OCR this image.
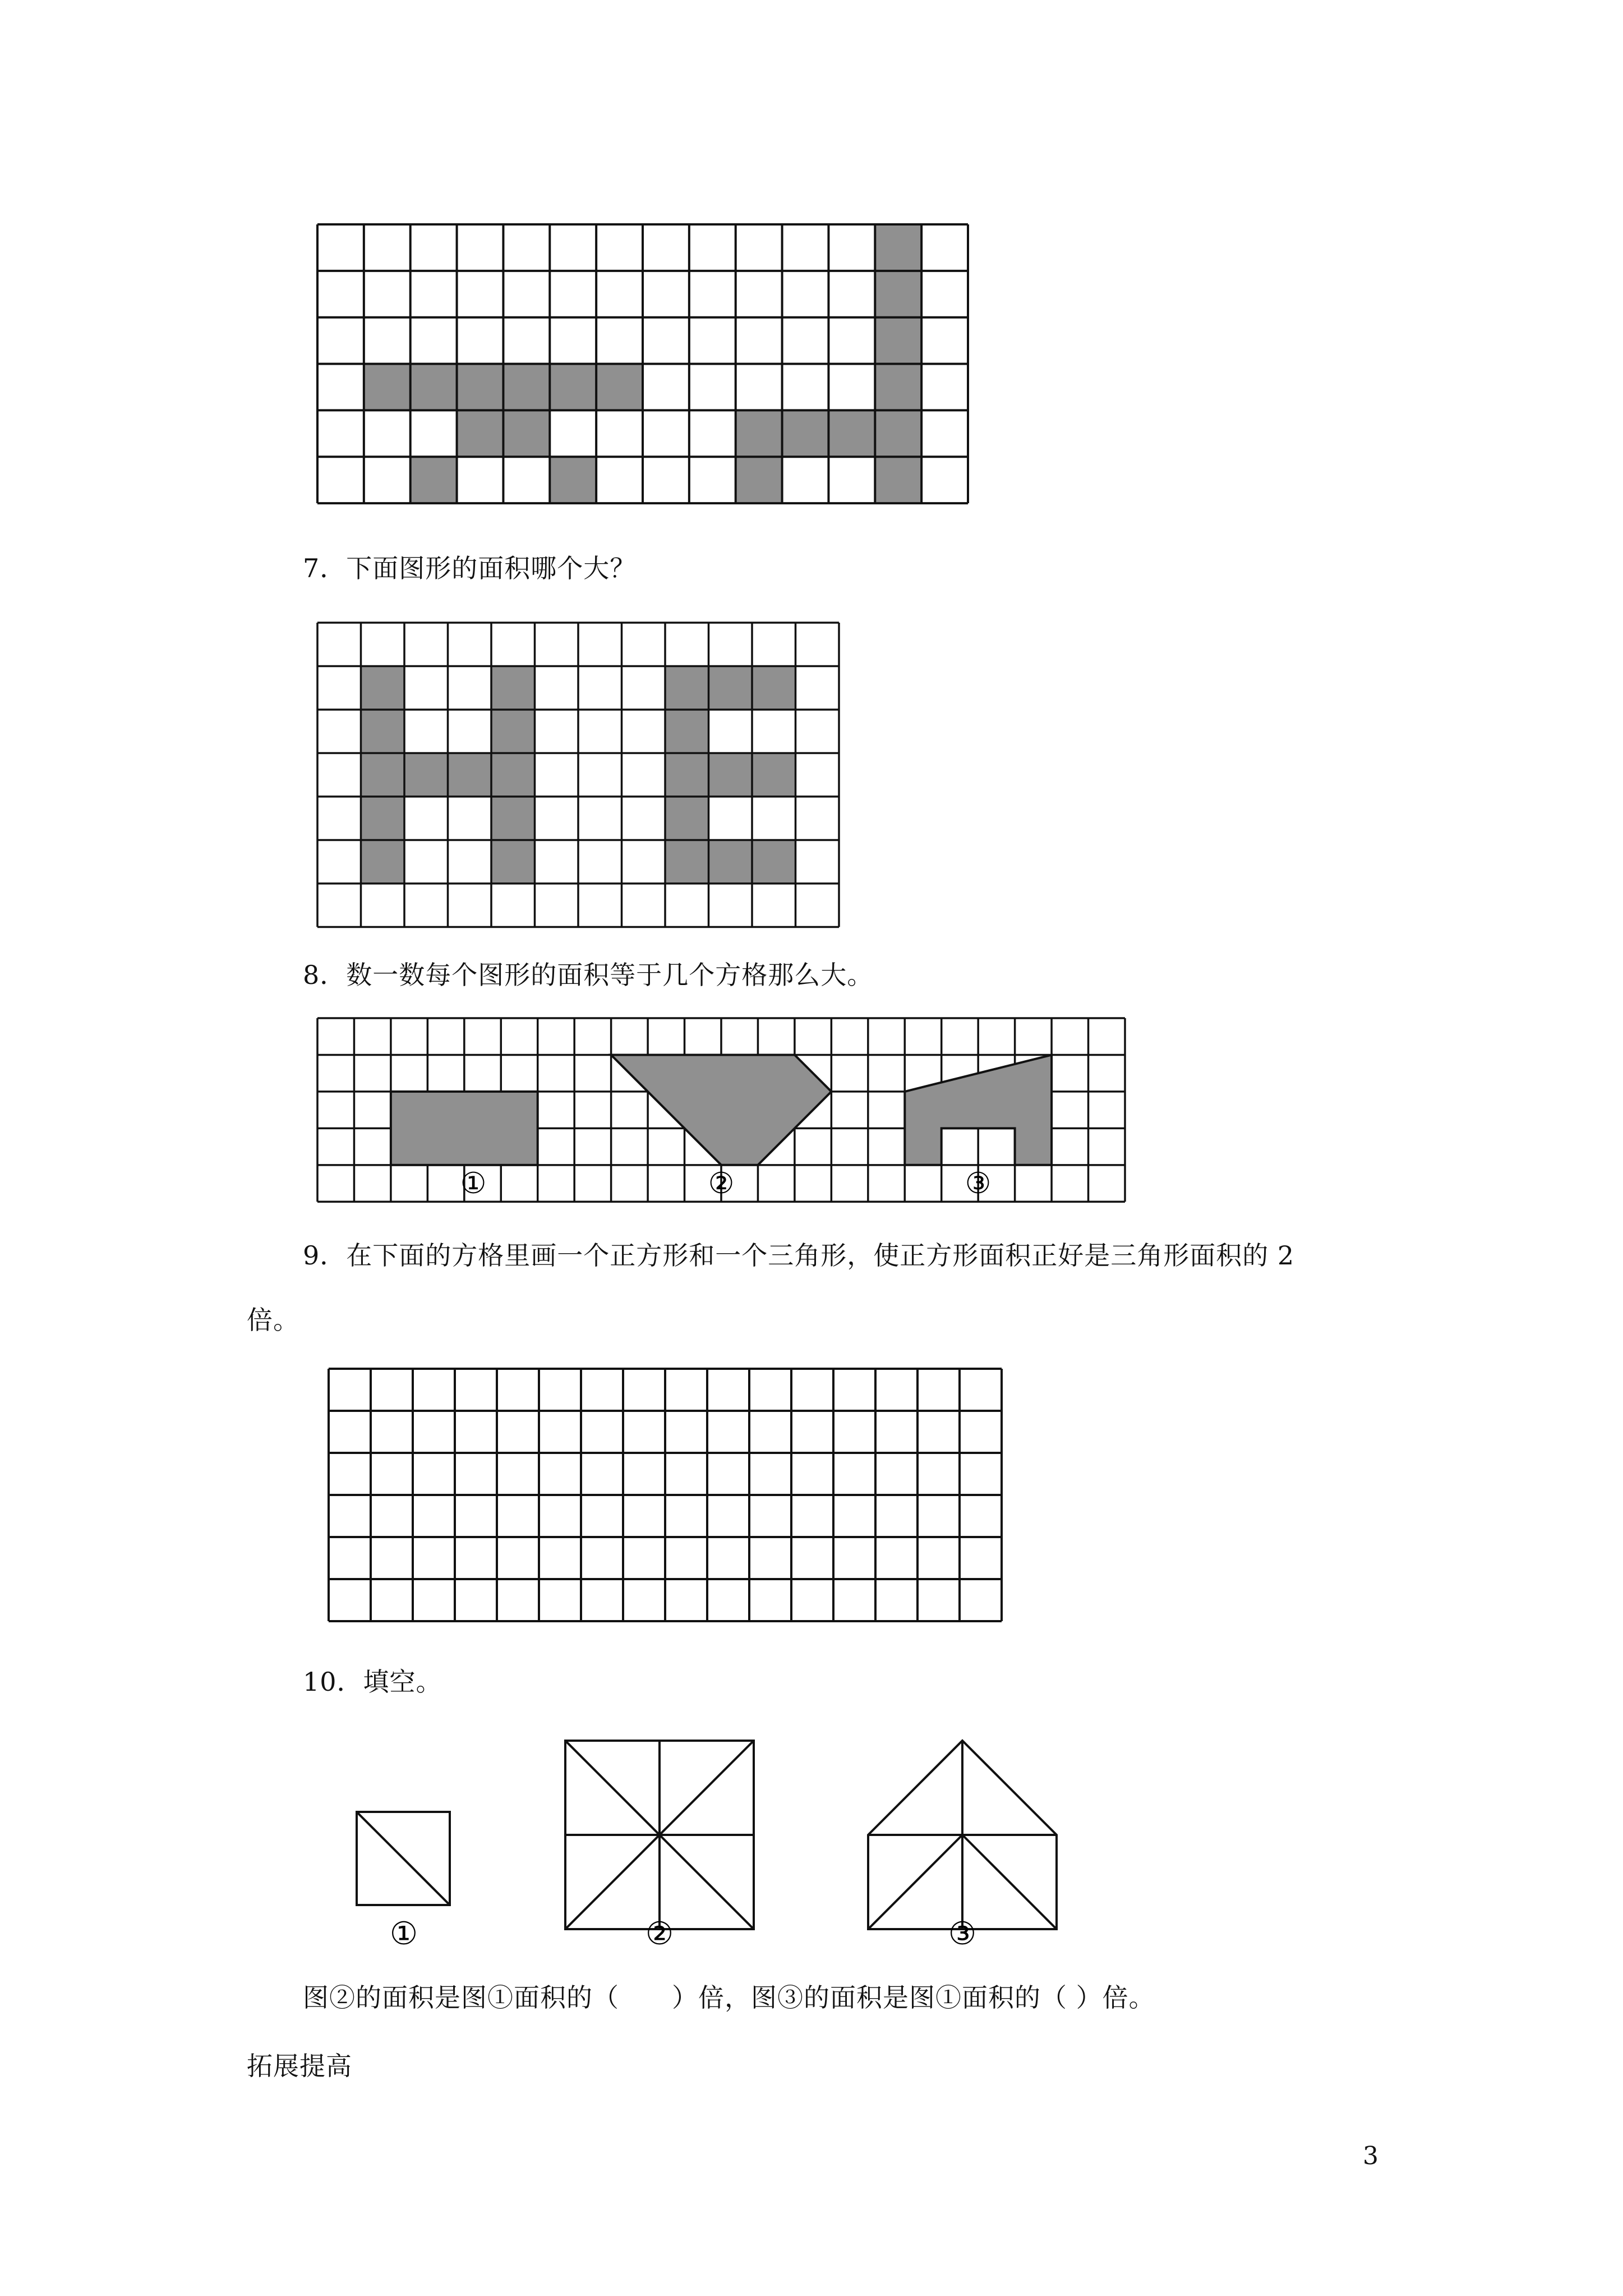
7．下面图形的面积哪个大？
8．数一数每个图形的面积等于几个方格那么大。
①	②	③
9．在下面的方格里画一个正方形和一个三角形，使正方形面积正好是三角形面积的 2
倍。
10．填空。
①	②	③
图②的面积是图①面积的（　　）倍，图③的面积是图①面积的（ ）倍。
拓展提高
3
